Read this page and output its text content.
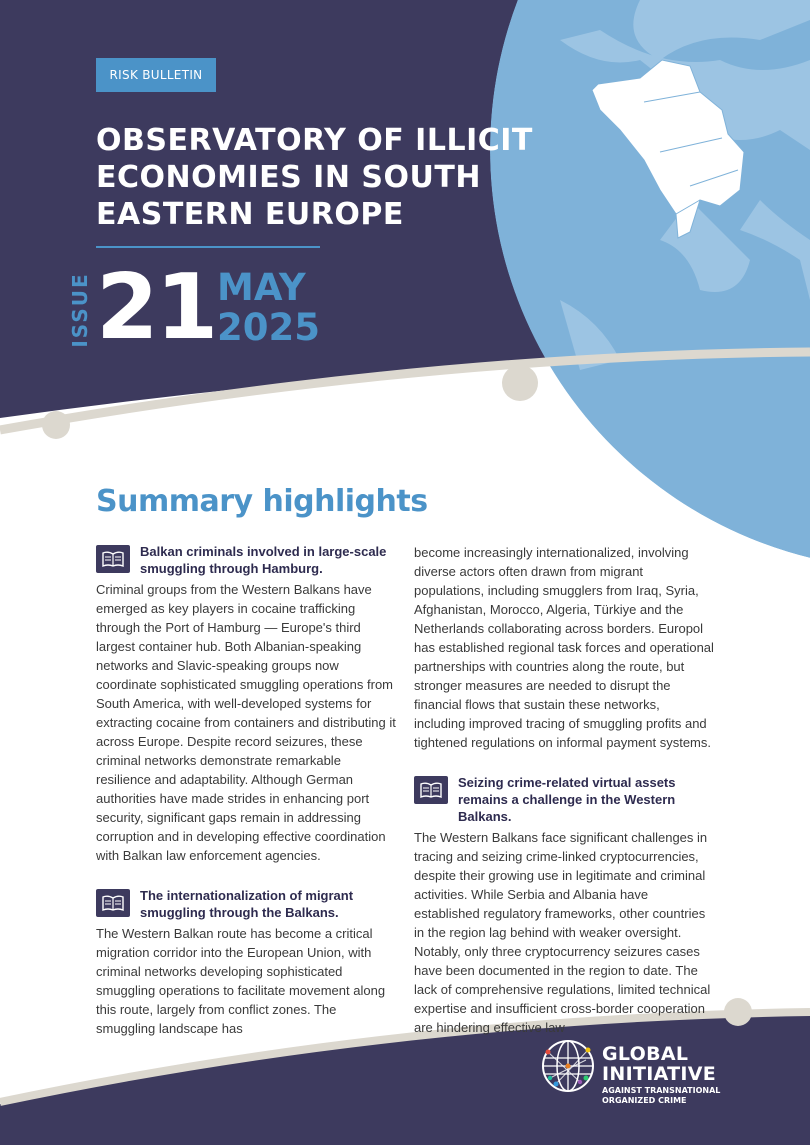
RISK BULLETIN
OBSERVATORY OF ILLICIT ECONOMIES IN SOUTH EASTERN EUROPE
ISSUE 21 MAY
2025
Summary highlights
Balkan criminals involved in large-scale smuggling through Hamburg.

Criminal groups from the Western Balkans have emerged as key players in cocaine trafficking through the Port of Hamburg — Europe's third largest container hub. Both Albanian-speaking networks and Slavic-speaking groups now coordinate sophisticated smuggling operations from South America, with well-developed systems for extracting cocaine from containers and distributing it across Europe. Despite record seizures, these criminal networks demonstrate remarkable resilience and adaptability. Although German authorities have made strides in enhancing port security, significant gaps remain in addressing corruption and in developing effective coordination with Balkan law enforcement agencies.

The internationalization of migrant smuggling through the Balkans.

The Western Balkan route has become a critical migration corridor into the European Union, with criminal networks developing sophisticated smuggling operations to facilitate movement along this route, largely from conflict zones. The smuggling landscape has

become increasingly internationalized, involving diverse actors often drawn from migrant populations, including smugglers from Iraq, Syria, Afghanistan, Morocco, Algeria, Türkiye and the Netherlands collaborating across borders. Europol has established regional task forces and operational partnerships with countries along the route, but stronger measures are needed to disrupt the financial flows that sustain these networks, including improved tracing of smuggling profits and tightened regulations on informal payment systems.

Seizing crime-related virtual assets remains a challenge in the Western Balkans.

The Western Balkans face significant challenges in tracing and seizing crime-linked cryptocurrencies, despite their growing use in legitimate and criminal activities. While Serbia and Albania have established regulatory frameworks, other countries in the region lag behind with weaker oversight. Notably, only three cryptocurrency seizures cases have been documented in the region to date. The lack of comprehensive regulations, limited technical expertise and insufficient cross-border cooperation are hindering effective law

GLOBAL
INITIATIVE
AGAINST TRANSNATIONAL
ORGANIZED CRIME
